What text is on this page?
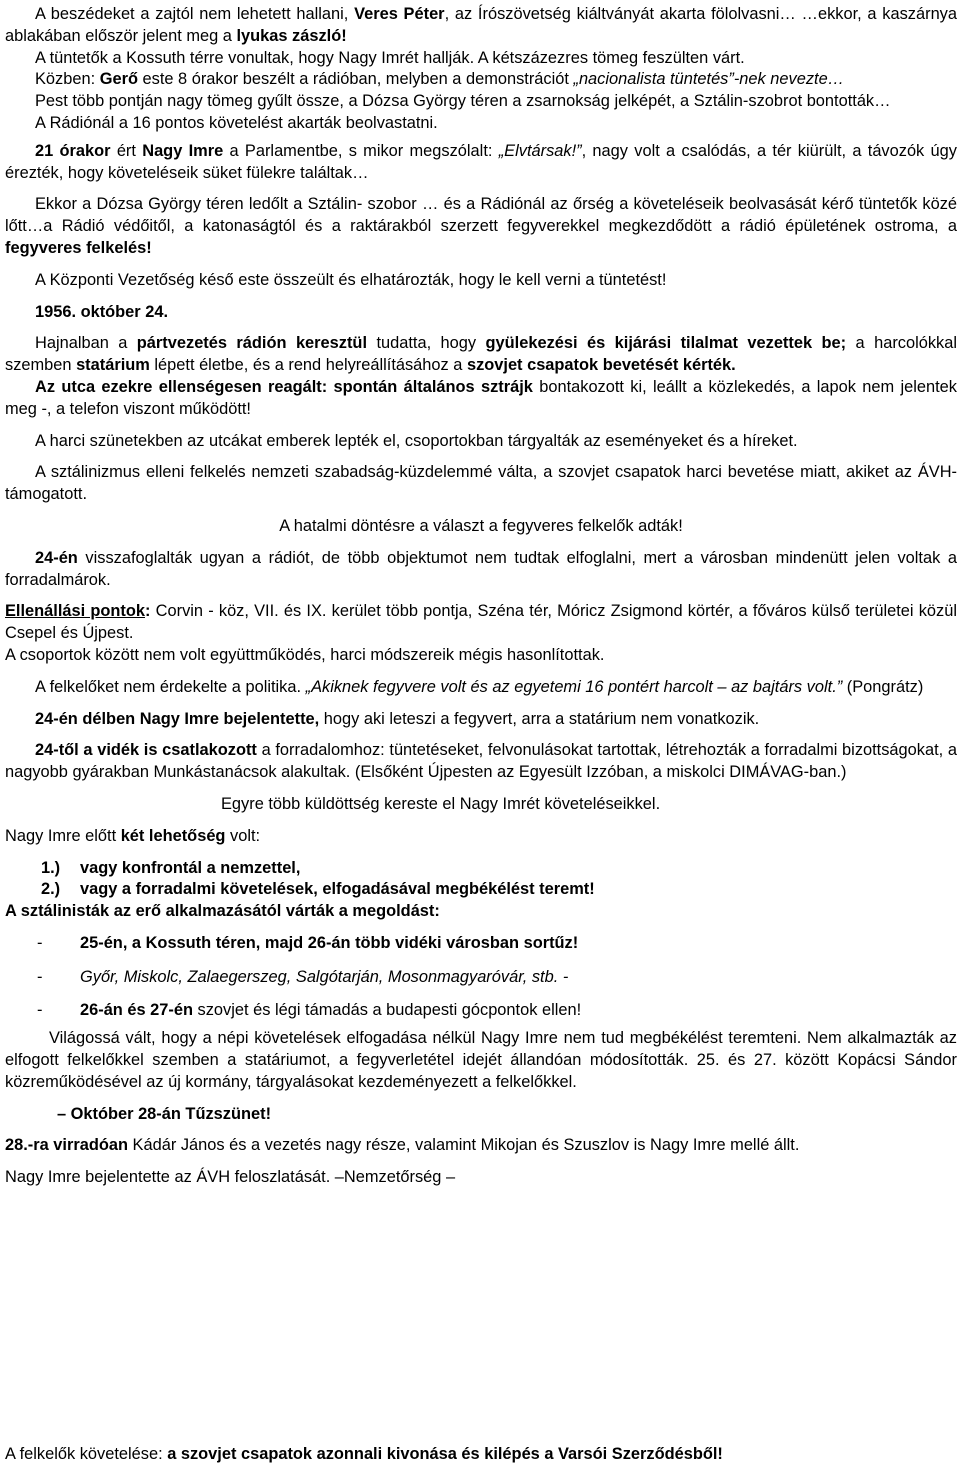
A beszédeket a zajtól nem lehetett hallani, Veres Péter, az Írószövetség kiáltványát akarta fölolvasni… …ekkor, a kaszárnya ablakában először jelent meg a lyukas zászló!

A tüntetők a Kossuth térre vonultak, hogy Nagy Imrét hallják. A kétszázezres tömeg feszülten várt.

Közben: Gerő este 8 órakor beszélt a rádióban, melyben a demonstrációt „nacionalista tüntetés”-nek nevezte…

Pest több pontján nagy tömeg gyűlt össze, a Dózsa György téren a zsarnokság jelképét, a Sztálin-szobrot bontották…

A Rádiónál a 16 pontos követelést akarták beolvastatni.

21 órakor ért Nagy Imre a Parlamentbe, s mikor megszólalt: „Elvtársak!”, nagy volt a csalódás, a tér kiürült, a távozók úgy érezték, hogy követeléseik süket fülekre találtak…

Ekkor a Dózsa György téren ledőlt a Sztálin- szobor … és a Rádiónál az őrség a követeléseik beolvasását kérő tüntetők közé lőtt…a Rádió védőitől, a katonaságtól és a raktárakból szerzett fegyverekkel megkezdődött a rádió épületének ostroma, a fegyveres felkelés!

A Központi Vezetőség késő este összeült és elhatározták, hogy le kell verni a tüntetést!

1956. október 24.

Hajnalban a pártvezetés rádión keresztül tudatta, hogy gyülekezési és kijárási tilalmat vezettek be; a harcolókkal szemben statárium lépett életbe, és a rend helyreállításához a szovjet csapatok bevetését kérték.

Az utca ezekre ellenségesen reagált: spontán általános sztrájk bontakozott ki, leállt a közlekedés, a lapok nem jelentek meg -, a telefon viszont működött!

A harci szünetekben az utcákat emberek lepték el, csoportokban tárgyalták az eseményeket és a híreket.

A sztálinizmus elleni felkelés nemzeti szabadság-küzdelemmé válta, a szovjet csapatok harci bevetése miatt, akiket az ÁVH- támogatott.

A hatalmi döntésre a választ a fegyveres felkelők adták!

24-én visszafoglalták ugyan a rádiót, de több objektumot nem tudtak elfoglalni, mert a városban mindenütt jelen voltak a forradalmárok.

Ellenállási pontok: Corvin - köz, VII. és IX. kerület több pontja, Széna tér, Móricz Zsigmond körtér, a főváros külső területei közül Csepel és Újpest.

A csoportok között nem volt együttműködés, harci módszereik mégis hasonlítottak.

A felkelőket nem érdekelte a politika. „Akiknek fegyvere volt és az egyetemi 16 pontért harcolt – az bajtárs volt.” (Pongrátz)

24-én délben Nagy Imre bejelentette, hogy aki leteszi a fegyvert, arra a statárium nem vonatkozik.

24-től a vidék is csatlakozott a forradalomhoz: tüntetéseket, felvonulásokat tartottak, létrehozták a forradalmi bizottságokat, a nagyobb gyárakban Munkástanácsok alakultak. (Elsőként Újpesten az Egyesült Izzóban, a miskolci DIMÁVAG-ban.)

Egyre több küldöttség kereste el Nagy Imrét követeléseikkel.

Nagy Imre előtt két lehetőség volt:

1.)	vagy konfrontál a nemzettel,
2.)	vagy a forradalmi követelések, elfogadásával megbékélést teremt!

A sztálinisták az erő alkalmazásától várták a megoldást:

-	25-én, a Kossuth téren, majd 26-án több vidéki városban sortűz!
-	Győr, Miskolc, Zalaegerszeg, Salgótarján, Mosonmagyaróvár, stb. -
-	26-án és 27-én szovjet és légi támadás a budapesti gócpontok ellen!

Világossá vált, hogy a népi követelések elfogadása nélkül Nagy Imre nem tud megbékélést teremteni. Nem alkalmazták az elfogott felkelőkkel szemben a statáriumot, a fegyverletétel idejét állandóan módosították. 25. és 27. között Kopácsi Sándor közreműködésével az új kormány, tárgyalásokat kezdeményezett a felkelőkkel.

– Október 28-án Tűzszünet!

28.-ra virradóan Kádár János és a vezetés nagy része, valamint Mikojan és Szuszlov is Nagy Imre mellé állt.

Nagy Imre bejelentette az ÁVH feloszlatását. –Nemzetőrség –

A felkelők követelése: a szovjet csapatok azonnali kivonása és kilépés a Varsói Szerződésből!
